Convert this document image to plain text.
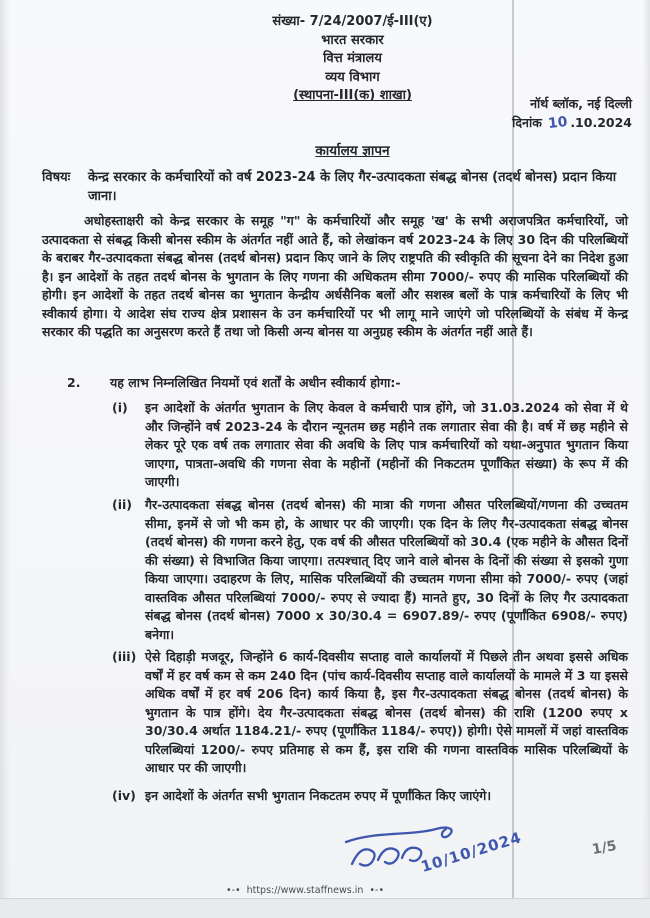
संख्या- 7/24/2007/ई-III(ए)
भारत सरकार
वित्त मंत्रालय
व्यय विभाग
(स्थापना-III(क) शाखा)
नॉर्थ ब्लॉक, नई दिल्ली
दिनांक 10 .10.2024
कार्यालय ज्ञापन
विषयः	केन्द्र सरकार के कर्मचारियों को वर्ष 2023-24 के लिए गैर-उत्पादकता संबद्ध बोनस (तदर्थ बोनस) प्रदान किया जाना।

अधोहस्ताक्षरी को केन्द्र सरकार के समूह "ग" के कर्मचारियों और समूह 'ख' के सभी अराजपत्रित कर्मचारियों, जो उत्पादकता से संबद्ध किसी बोनस स्कीम के अंतर्गत नहीं आते हैं, को लेखांकन वर्ष 2023-24 के लिए 30 दिन की परिलब्धियों के बराबर गैर-उत्पादकता संबद्ध बोनस (तदर्थ बोनस) प्रदान किए जाने के लिए राष्ट्रपति की स्वीकृति की सूचना देने का निदेश हुआ है। इन आदेशों के तहत तदर्थ बोनस के भुगतान के लिए गणना की अधिकतम सीमा 7000/- रुपए की मासिक परिलब्धियों की होगी। इन आदेशों के तहत तदर्थ बोनस का भुगतान केन्द्रीय अर्धसैनिक बलों और सशस्त्र बलों के पात्र कर्मचारियों के लिए भी स्वीकार्य होगा। ये आदेश संघ राज्य क्षेत्र प्रशासन के उन कर्मचारियों पर भी लागू माने जाएंगे जो परिलब्धियों के संबंध में केन्द्र सरकार की पद्धति का अनुसरण करते हैं तथा जो किसी अन्य बोनस या अनुग्रह स्कीम के अंतर्गत नहीं आते हैं।

2.	यह लाभ निम्नलिखित नियमों एवं शर्तों के अधीन स्वीकार्य होगा:-
(i)	इन आदेशों के अंतर्गत भुगतान के लिए केवल वे कर्मचारी पात्र होंगे, जो 31.03.2024 को सेवा में थे और जिन्होंने वर्ष 2023-24 के दौरान न्यूनतम छह महीने तक लगातार सेवा की है। वर्ष में छह महीने से लेकर पूरे एक वर्ष तक लगातार सेवा की अवधि के लिए पात्र कर्मचारियों को यथा-अनुपात भुगतान किया जाएगा, पात्रता-अवधि की गणना सेवा के महीनों (महीनों की निकटतम पूर्णांकित संख्या) के रूप में की जाएगी।
(ii)	गैर-उत्पादकता संबद्ध बोनस (तदर्थ बोनस) की मात्रा की गणना औसत परिलब्धियों/गणना की उच्चतम सीमा, इनमें से जो भी कम हो, के आधार पर की जाएगी। एक दिन के लिए गैर-उत्पादकता संबद्ध बोनस (तदर्थ बोनस) की गणना करने हेतु, एक वर्ष की औसत परिलब्धियों को 30.4 (एक महीने के औसत दिनों की संख्या) से विभाजित किया जाएगा। तत्पश्चात् दिए जाने वाले बोनस के दिनों की संख्या से इसको गुणा किया जाएगा। उदाहरण के लिए, मासिक परिलब्धियों की उच्चतम गणना सीमा को 7000/- रुपए (जहां वास्तविक औसत परिलब्धियां 7000/- रुपए से ज्यादा हैं) मानते हुए, 30 दिनों के लिए गैर उत्पादकता संबद्ध बोनस (तदर्थ बोनस) 7000 x 30/30.4 = 6907.89/- रुपए (पूर्णांकित 6908/- रुपए) बनेगा।
(iii) ऐसे दिहाड़ी मजदूर, जिन्होंने 6 कार्य-दिवसीय सप्ताह वाले कार्यालयों में पिछले तीन अथवा इससे अधिक वर्षों में हर वर्ष कम से कम 240 दिन (पांच कार्य-दिवसीय सप्ताह वाले कार्यालयों के मामले में 3 या इससे अधिक वर्षों में हर वर्ष 206 दिन) कार्य किया है, इस गैर-उत्पादकता संबद्ध बोनस (तदर्थ बोनस) के भुगतान के पात्र होंगे। देय गैर-उत्पादकता संबद्ध बोनस (तदर्थ बोनस) की राशि (1200 रुपए x 30/30.4 अर्थात 1184.21/- रुपए (पूर्णांकित 1184/- रुपए)) होगी। ऐसे मामलों में जहां वास्तविक परिलब्धियां 1200/- रुपए प्रतिमाह से कम हैं, इस राशि की गणना वास्तविक मासिक परिलब्धियों के आधार पर की जाएगी।
(iv) इन आदेशों के अंतर्गत सभी भुगतान निकटतम रुपए में पूर्णांकित किए जाएंगे।
10/10/2024	1/5
•-• https://www.staffnews.in •-•
